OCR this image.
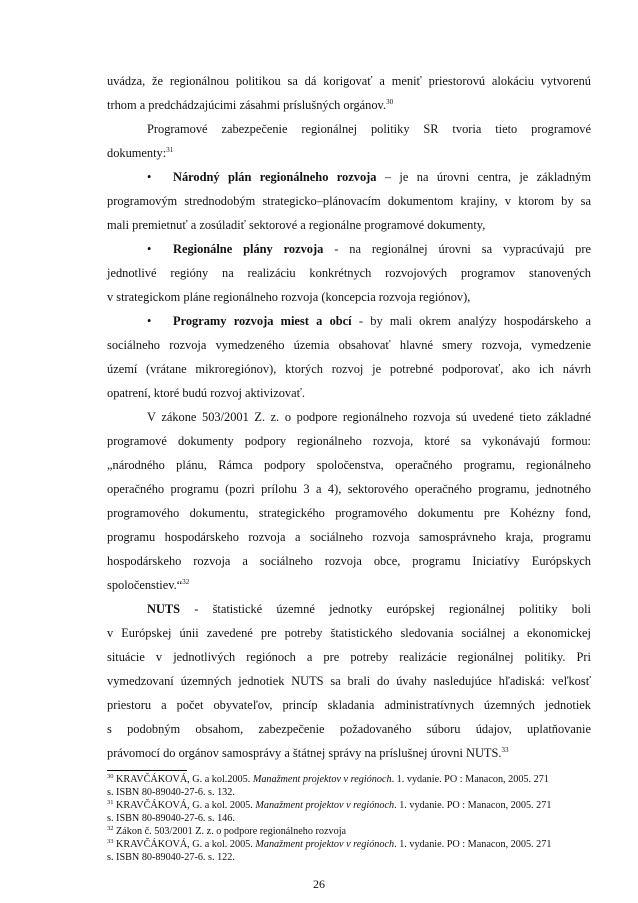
uvádza, že regionálnou politikou sa dá korigovať a meniť priestorovú alokáciu vytvorenú
trhom a predchádzajúcimi zásahmi príslušných orgánov.$^{30}$
Programové zabezpečenie regionálnej politiky SR tvoria tieto programové
dokumenty:$^{31}$
• Národný plán regionálneho rozvoja – je na úrovni centra, je základným
programovým strednodobým strategicko–plánovacím dokumentom krajiny, v ktorom by sa
mali premietnuť a zosúladiť sektorové a regionálne programové dokumenty,
• Regionálne plány rozvoja - na regionálnej úrovni sa vypracúvajú pre
jednotlivé regióny na realizáciu konkrétnych rozvojových programov stanovených
v strategickom pláne regionálneho rozvoja (koncepcia rozvoja regiónov),
• Programy rozvoja miest a obcí - by mali okrem analýzy hospodárskeho a
sociálneho rozvoja vymedzeného územia obsahovať hlavné smery rozvoja, vymedzenie
území (vrátane mikroregiónov), ktorých rozvoj je potrebné podporovať, ako ich návrh
opatrení, ktoré budú rozvoj aktivizovať.
V zákone 503/2001 Z. z. o podpore regionálneho rozvoja sú uvedené tieto základné
programové dokumenty podpory regionálneho rozvoja, ktoré sa vykonávajú formou:
„národného plánu, Rámca podpory spoločenstva, operačného programu, regionálneho
operačného programu (pozri prílohu 3 a 4), sektorového operačného programu, jednotného
programového dokumentu, strategického programového dokumentu pre Kohézny fond,
programu hospodárskeho rozvoja a sociálneho rozvoja samosprávneho kraja, programu
hospodárskeho rozvoja a sociálneho rozvoja obce, programu Iniciatívy Európskych
spoločenstiev.“$^{32}$
NUTS - štatistické územné jednotky európskej regionálnej politiky boli
v Európskej únii zavedené pre potreby štatistického sledovania sociálnej a ekonomickej
situácie v jednotlivých regiónoch a pre potreby realizácie regionálnej politiky. Pri
vymedzovaní územných jednotiek NUTS sa brali do úvahy nasledujúce hľadiská: veľkosť
priestoru a počet obyvateľov, princíp skladania administratívnych územných jednotiek
s podobným obsahom, zabezpečenie požadovaného súboru údajov, uplatňovanie
právomocí do orgánov samosprávy a štátnej správy na príslušnej úrovni NUTS.$^{33}$
$^{30}$ KRAVČÁKOVÁ, G. a kol.2005. Manažment projektov v regiónoch. 1. vydanie. PO : Manacon, 2005. 271
s. ISBN 80-89040-27-6. s. 132.
$^{31}$ KRAVČÁKOVÁ, G. a kol. 2005. Manažment projektov v regiónoch. 1. vydanie. PO : Manacon, 2005. 271
s. ISBN 80-89040-27-6. s. 146.
$^{32}$ Zákon č. 503/2001 Z. z. o podpore regionálneho rozvoja
$^{33}$ KRAVČÁKOVÁ, G. a kol. 2005. Manažment projektov v regiónoch. 1. vydanie. PO : Manacon, 2005. 271
s. ISBN 80-89040-27-6. s. 122.
26
